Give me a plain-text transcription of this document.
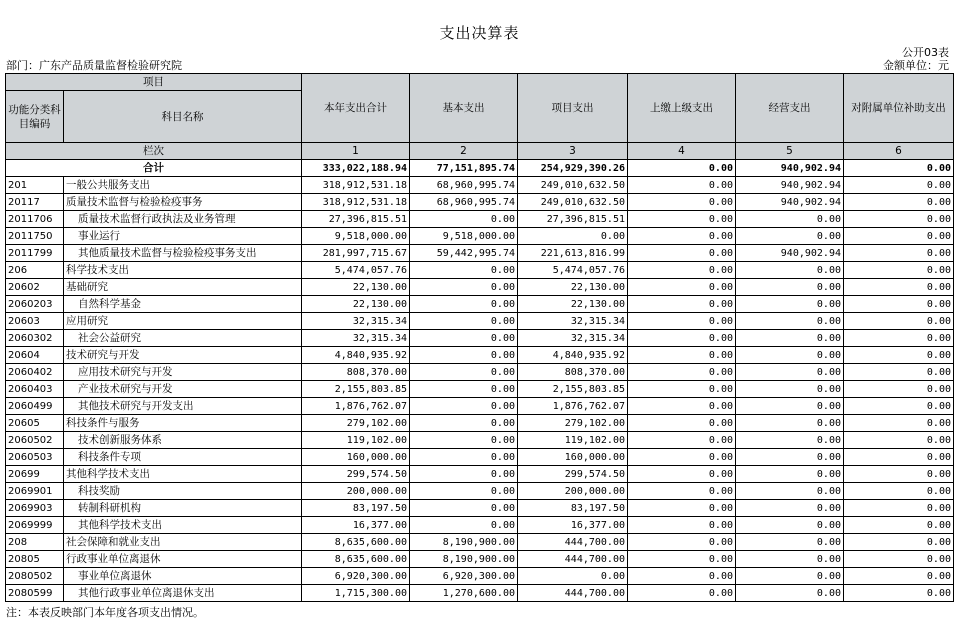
支出决算表
公开03表
部门：广东产品质量监督检验研究院	金额单位：元
项目		本年支出合计	基本支出	项目支出	上缴上级支出	经营支出	对附属单位补助支出
功能分类科目编码	科目名称						
栏次		1	2	3	4	5	6
合计		333,022,188.94	77,151,895.74	254,929,390.26	0.00	940,902.94	0.00
201	一般公共服务支出	318,912,531.18	68,960,995.74	249,010,632.50	0.00	940,902.94	0.00
20117	质量技术监督与检验检疫事务	318,912,531.18	68,960,995.74	249,010,632.50	0.00	940,902.94	0.00
2011706	质量技术监督行政执法及业务管理	27,396,815.51	0.00	27,396,815.51	0.00	0.00	0.00
2011750	事业运行	9,518,000.00	9,518,000.00	0.00	0.00	0.00	0.00
2011799	其他质量技术监督与检验检疫事务支出	281,997,715.67	59,442,995.74	221,613,816.99	0.00	940,902.94	0.00
206	科学技术支出	5,474,057.76	0.00	5,474,057.76	0.00	0.00	0.00
20602	基础研究	22,130.00	0.00	22,130.00	0.00	0.00	0.00
2060203	自然科学基金	22,130.00	0.00	22,130.00	0.00	0.00	0.00
20603	应用研究	32,315.34	0.00	32,315.34	0.00	0.00	0.00
2060302	社会公益研究	32,315.34	0.00	32,315.34	0.00	0.00	0.00
20604	技术研究与开发	4,840,935.92	0.00	4,840,935.92	0.00	0.00	0.00
2060402	应用技术研究与开发	808,370.00	0.00	808,370.00	0.00	0.00	0.00
2060403	产业技术研究与开发	2,155,803.85	0.00	2,155,803.85	0.00	0.00	0.00
2060499	其他技术研究与开发支出	1,876,762.07	0.00	1,876,762.07	0.00	0.00	0.00
20605	科技条件与服务	279,102.00	0.00	279,102.00	0.00	0.00	0.00
2060502	技术创新服务体系	119,102.00	0.00	119,102.00	0.00	0.00	0.00
2060503	科技条件专项	160,000.00	0.00	160,000.00	0.00	0.00	0.00
20699	其他科学技术支出	299,574.50	0.00	299,574.50	0.00	0.00	0.00
2069901	科技奖励	200,000.00	0.00	200,000.00	0.00	0.00	0.00
2069903	转制科研机构	83,197.50	0.00	83,197.50	0.00	0.00	0.00
2069999	其他科学技术支出	16,377.00	0.00	16,377.00	0.00	0.00	0.00
208	社会保障和就业支出	8,635,600.00	8,190,900.00	444,700.00	0.00	0.00	0.00
20805	行政事业单位离退休	8,635,600.00	8,190,900.00	444,700.00	0.00	0.00	0.00
2080502	事业单位离退休	6,920,300.00	6,920,300.00	0.00	0.00	0.00	0.00
2080599	其他行政事业单位离退休支出	1,715,300.00	1,270,600.00	444,700.00	0.00	0.00	0.00
注：本表反映部门本年度各项支出情况。
